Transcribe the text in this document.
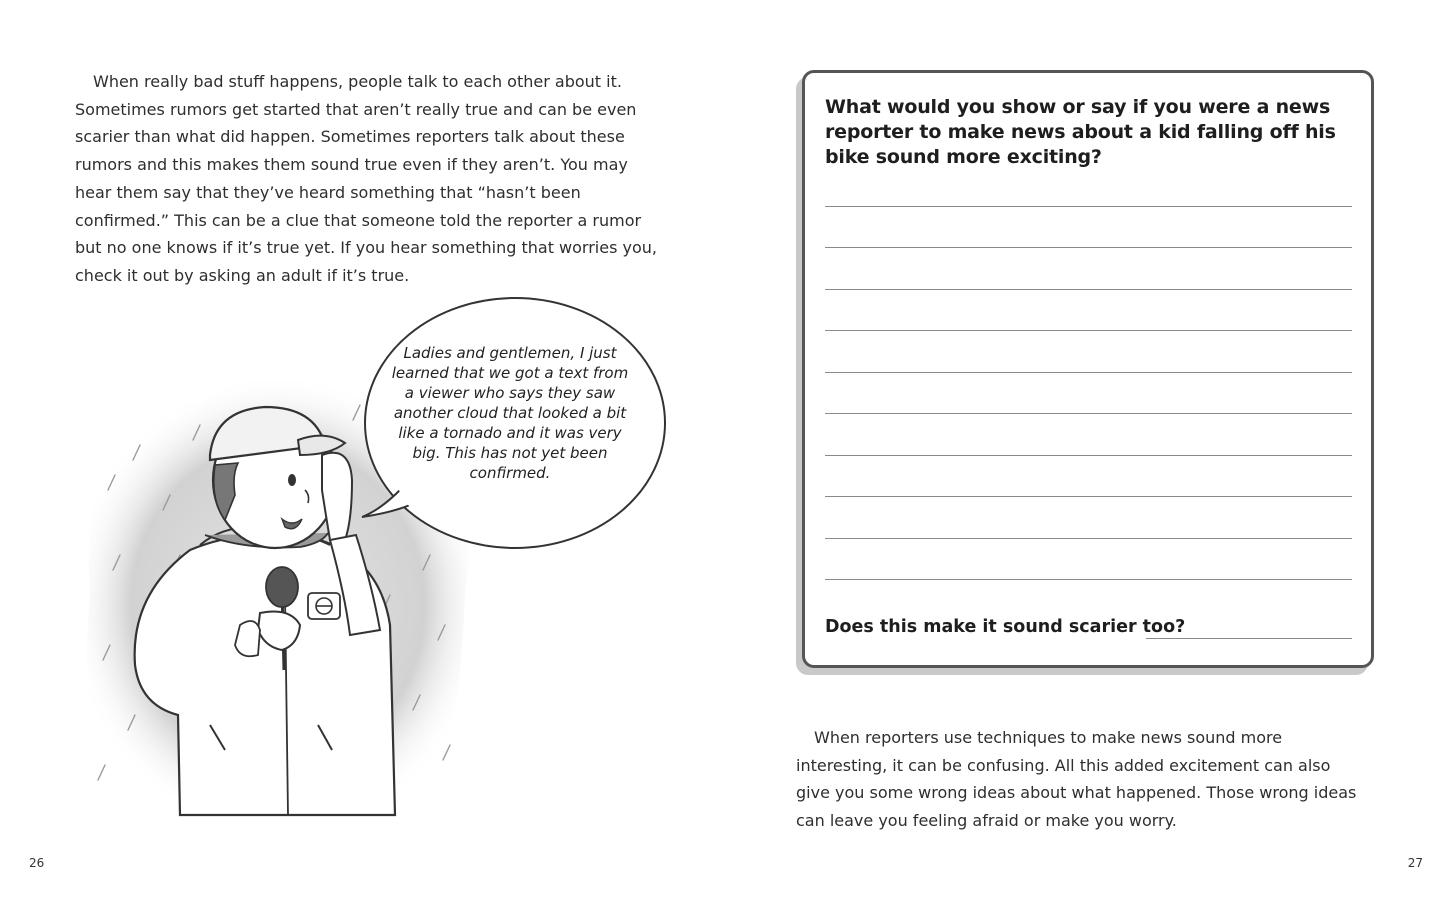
When really bad stuff happens, people talk to each other about it. Sometimes rumors get started that aren’t really true and can be even scarier than what did happen. Sometimes reporters talk about these rumors and this makes them sound true even if they aren’t. You may hear them say that they’ve heard something that “hasn’t been confirmed.” This can be a clue that someone told the reporter a rumor but no one knows if it’s true yet. If you hear something that worries you, check it out by asking an adult if it’s true.

Ladies and gentlemen, I just learned that we got a text from a viewer who says they saw another cloud that looked a bit like a tornado and it was very big. This has not yet been confirmed.

26

What would you show or say if you were a news reporter to make news about a kid falling off his bike sound more exciting?

Does this make it sound scarier too?

When reporters use techniques to make news sound more interesting, it can be confusing. All this added excitement can also give you some wrong ideas about what happened. Those wrong ideas can leave you feeling afraid or make you worry.

27
